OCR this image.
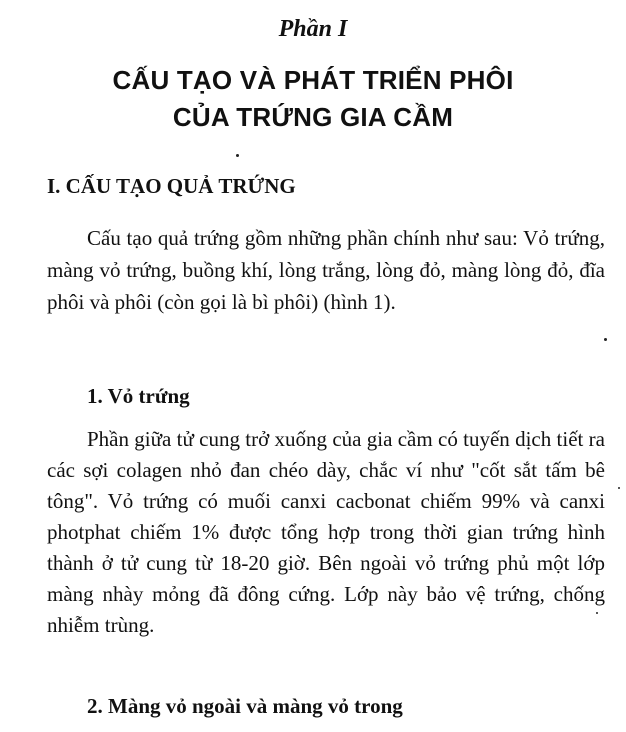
Phần I
CẤU TẠO VÀ PHÁT TRIỂN PHÔI
CỦA TRỨNG GIA CẦM
I. CẤU TẠO QUẢ TRỨNG
Cấu tạo quả trứng gồm những phần chính như sau: Vỏ trứng, màng vỏ trứng, buồng khí, lòng trắng, lòng đỏ, màng lòng đỏ, đĩa phôi và phôi (còn gọi là bì phôi) (hình 1).
1. Vỏ trứng
Phần giữa tử cung trở xuống của gia cầm có tuyến dịch tiết ra các sợi colagen nhỏ đan chéo dày, chắc ví như "cốt sắt tấm bê tông". Vỏ trứng có muối canxi cacbonat chiếm 99% và canxi photphat chiếm 1% được tổng hợp trong thời gian trứng hình thành ở tử cung từ 18-20 giờ. Bên ngoài vỏ trứng phủ một lớp màng nhày mỏng đã đông cứng. Lớp này bảo vệ trứng, chống nhiễm trùng.
2. Màng vỏ ngoài và màng vỏ trong
